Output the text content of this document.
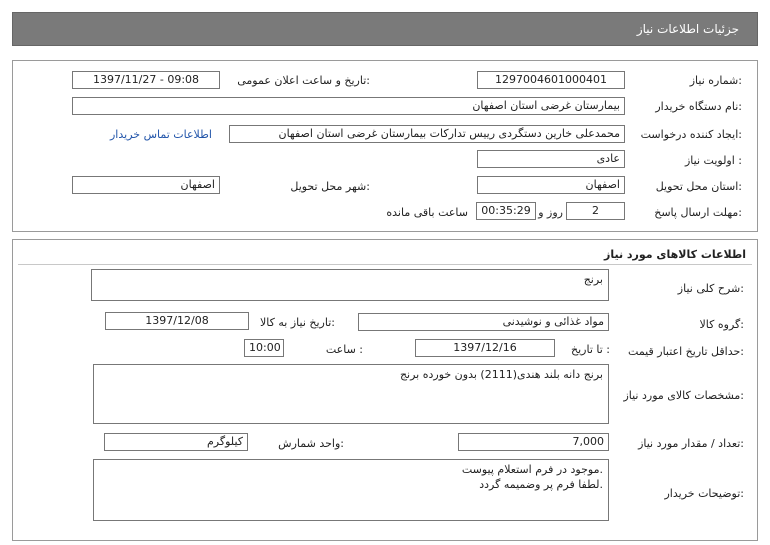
جزئیات اطلاعات نیاز
شماره نیاز:
1297004601000401
تاریخ و ساعت اعلان عمومی:
1397/11/27 - 09:08
نام دستگاه خریدار:
بیمارستان غرضی استان اصفهان
ایجاد کننده درخواست:
محمدعلی خارین دستگردی رییس تدارکات بیمارستان غرضی استان اصفهان
اطلاعات تماس خریدار
اولویت نیاز :
عادی
استان محل تحویل:
اصفهان
شهر محل تحویل:
اصفهان
مهلت ارسال پاسخ:
2
روز و
00:35:29
ساعت باقی مانده
اطلاعات کالاهای مورد نیاز
شرح کلی نیاز:
برنج
گروه کالا:
مواد غذائی و نوشیدنی
تاریخ نیاز به کالا:
1397/12/08
حداقل تاریخ اعتبار قیمت:
تا تاریخ :
1397/12/16
ساعت :
10:00
مشخصات کالای مورد نیاز:
برنج دانه بلند هندی(2111) بدون خورده برنج
تعداد / مقدار مورد نیاز:
7,000
واحد شمارش:
کیلوگرم
توضیحات خریدار:
موجود در فرم استعلام پیوست.
لطفا فرم پر وضمیمه گردد.
